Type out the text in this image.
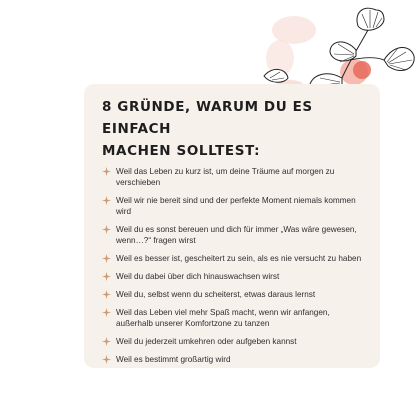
8 GRÜNDE, WARUM DU ES EINFACH
MACHEN SOLLTEST:
Weil das Leben zu kurz ist, um deine Träume auf morgen zu verschieben
Weil wir nie bereit sind und der perfekte Moment niemals kommen wird
Weil du es sonst bereuen und dich für immer „Was wäre gewesen, wenn…?“ fragen wirst
Weil es besser ist, gescheitert zu sein, als es nie versucht zu haben
Weil du dabei über dich hinauswachsen wirst
Weil du, selbst wenn du scheiterst, etwas daraus lernst
Weil das Leben viel mehr Spaß macht, wenn wir anfangen, außerhalb unserer Komfortzone zu tanzen
Weil du jederzeit umkehren oder aufgeben kannst
Weil es bestimmt großartig wird
